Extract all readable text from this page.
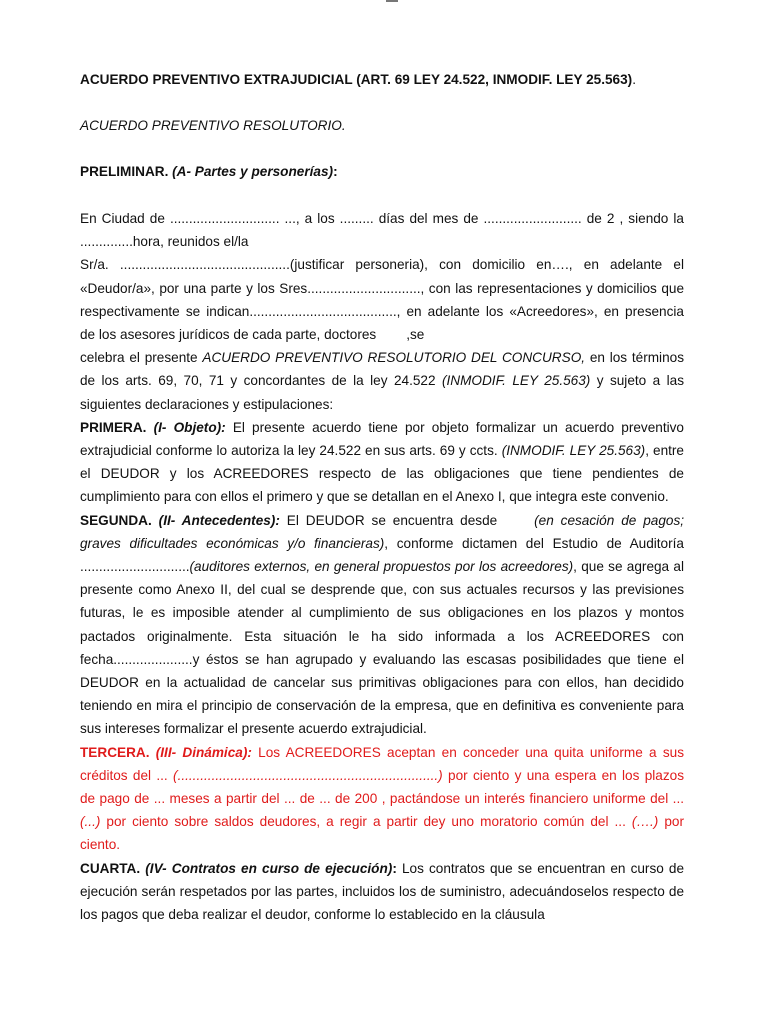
ACUERDO PREVENTIVO EXTRAJUDICIAL (ART. 69 LEY 24.522, INMODIF. LEY 25.563).
ACUERDO PREVENTIVO RESOLUTORIO.
PRELIMINAR. (A- Partes y personerías):

En Ciudad de ............................. ..., a los ......... días del mes de .......................... de 2 , siendo la ..............hora, reunidos el/la

Sr/a. .............................................(justificar personeria), con domicilio en…., en adelante el «Deudor/a», por una parte y los Sres.............................., con las representaciones y domicilios que respectivamente se indican......................................., en adelante los «Acreedores», en presencia de los asesores jurídicos de cada parte, doctores ,se

celebra el presente ACUERDO PREVENTIVO RESOLUTORIO DEL CONCURSO, en los términos de los arts. 69, 70, 71 y concordantes de la ley 24.522 (INMODIF. LEY 25.563) y sujeto a las siguientes declaraciones y estipulaciones:

PRIMERA. (I- Objeto): El presente acuerdo tiene por objeto formalizar un acuerdo preventivo extrajudicial conforme lo autoriza la ley 24.522 en sus arts. 69 y ccts. (INMODIF. LEY 25.563), entre el DEUDOR y los ACREEDORES respecto de las obligaciones que tiene pendientes de cumplimiento para con ellos el primero y que se detallan en el Anexo I, que integra este convenio.

SEGUNDA. (II- Antecedentes): El DEUDOR se encuentra desde	(en cesación de pagos; graves dificultades económicas y/o financieras), conforme dictamen del Estudio de Auditoría .............................(auditores externos, en general propuestos por los acreedores), que se agrega al presente como Anexo II, del cual se desprende que, con sus actuales recursos y las previsiones futuras, le es imposible atender al cumplimiento de sus obligaciones en los plazos y montos pactados originalmente. Esta situación le ha sido informada a los ACREEDORES con fecha.....................y éstos se han agrupado y evaluando las escasas posibilidades que tiene el DEUDOR en la actualidad de cancelar sus primitivas obligaciones para con ellos, han decidido teniendo en mira el principio de conservación de la empresa, que en definitiva es conveniente para sus intereses formalizar el presente acuerdo extrajudicial.

TERCERA. (III- Dinámica): Los ACREEDORES aceptan en conceder una quita uniforme a sus créditos del ... (.....................................................................) por ciento y una espera en los plazos de pago de ... meses a partir del ... de ... de 200 , pactándose un interés financiero uniforme del ... (...) por ciento sobre saldos deudores, a regir a partir dey uno moratorio común del ... (….) por ciento.

CUARTA. (IV- Contratos en curso de ejecución): Los contratos que se encuentran en curso de ejecución serán respetados por las partes, incluidos los de suministro, adecuándoselos respecto de los pagos que deba realizar el deudor, conforme lo establecido en la cláusula
